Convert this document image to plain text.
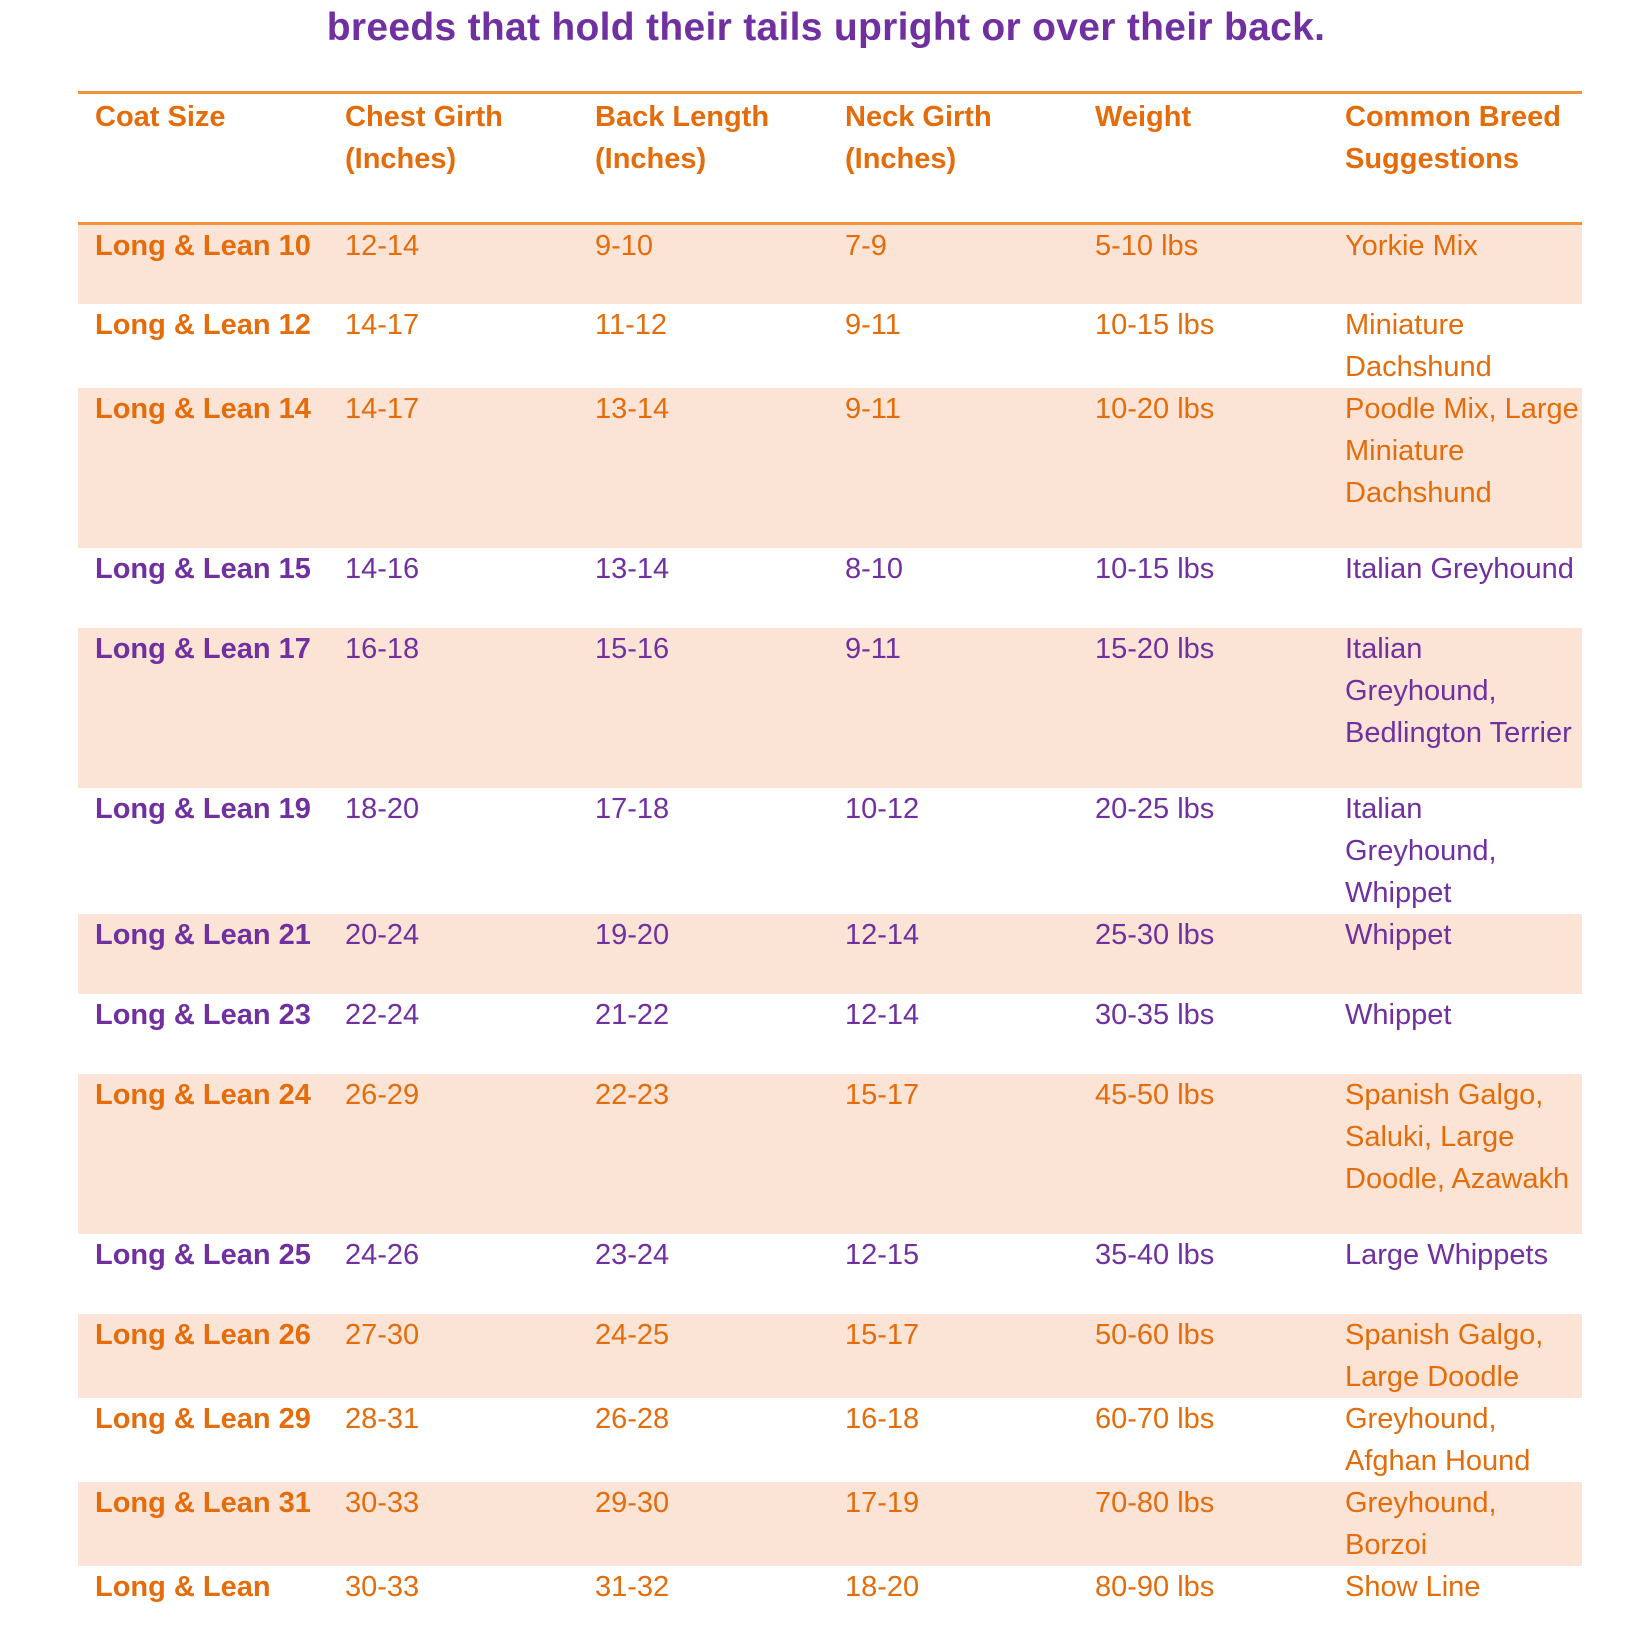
breeds that hold their tails upright or over their back.
Coat Size	Chest Girth (Inches)	Back Length (Inches)	Neck Girth (Inches)	Weight	Common Breed Suggestions
Long & Lean 10	12-14	9-10	7-9	5-10 lbs	Yorkie Mix
Long & Lean 12	14-17	11-12	9-11	10-15 lbs	Miniature Dachshund
Long & Lean 14	14-17	13-14	9-11	10-20 lbs	Poodle Mix, Large Miniature Dachshund
Long & Lean 15	14-16	13-14	8-10	10-15 lbs	Italian Greyhound
Long & Lean 17	16-18	15-16	9-11	15-20 lbs	Italian Greyhound, Bedlington Terrier
Long & Lean 19	18-20	17-18	10-12	20-25 lbs	Italian Greyhound, Whippet
Long & Lean 21	20-24	19-20	12-14	25-30 lbs	Whippet
Long & Lean 23	22-24	21-22	12-14	30-35 lbs	Whippet
Long & Lean 24	26-29	22-23	15-17	45-50 lbs	Spanish Galgo, Saluki, Large Doodle, Azawakh
Long & Lean 25	24-26	23-24	12-15	35-40 lbs	Large Whippets
Long & Lean 26	27-30	24-25	15-17	50-60 lbs	Spanish Galgo, Large Doodle
Long & Lean 29	28-31	26-28	16-18	60-70 lbs	Greyhound, Afghan Hound
Long & Lean 31	30-33	29-30	17-19	70-80 lbs	Greyhound, Borzoi
Long & Lean	30-33	31-32	18-20	80-90 lbs	Show Line
